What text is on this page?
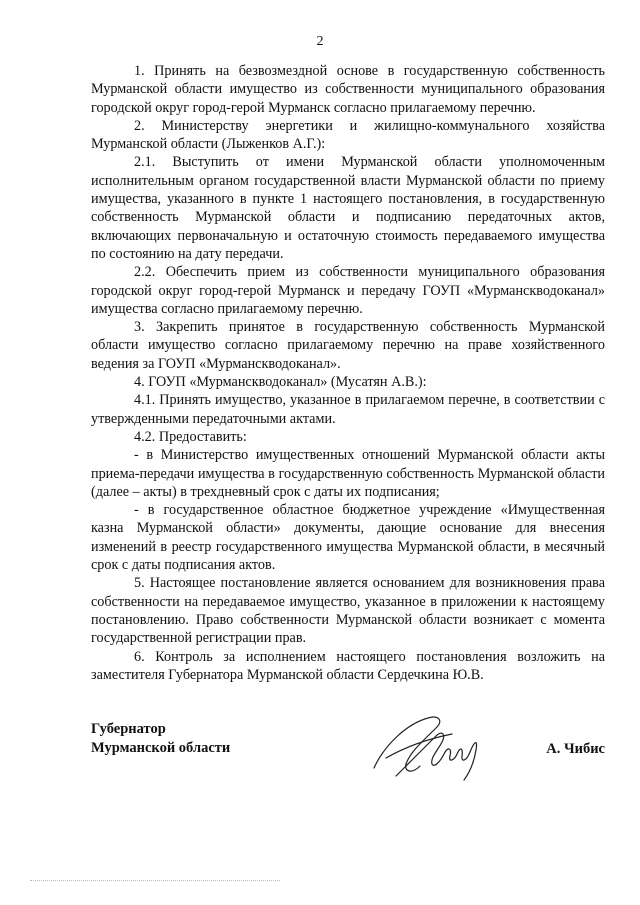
2

1. Принять на безвозмездной основе в государственную собственность Мурманской области имущество из собственности муниципального образования городской округ город-герой Мурманск согласно прилагаемому перечню.

2. Министерству энергетики и жилищно-коммунального хозяйства Мурманской области (Лыженков А.Г.):

2.1. Выступить от имени Мурманской области уполномоченным исполнительным органом государственной власти Мурманской области по приему имущества, указанного в пункте 1 настоящего постановления, в государственную собственность Мурманской области и подписанию передаточных актов, включающих первоначальную и остаточную стоимость передаваемого имущества по состоянию на дату передачи.

2.2. Обеспечить прием из собственности муниципального образования городской округ город-герой Мурманск и передачу ГОУП «Мурманскводоканал» имущества согласно прилагаемому перечню.

3. Закрепить принятое в государственную собственность Мурманской области имущество согласно прилагаемому перечню на праве хозяйственного ведения за ГОУП «Мурманскводоканал».

4. ГОУП «Мурманскводоканал» (Мусатян А.В.):

4.1. Принять имущество, указанное в прилагаемом перечне, в соответствии с утвержденными передаточными актами.

4.2. Предоставить:

- в Министерство имущественных отношений Мурманской области акты приема-передачи имущества в государственную собственность Мурманской области (далее – акты) в трехдневный срок с даты их подписания;

- в государственное областное бюджетное учреждение «Имущественная казна Мурманской области» документы, дающие основание для внесения изменений в реестр государственного имущества Мурманской области, в месячный срок с даты подписания актов.

5. Настоящее постановление является основанием для возникновения права собственности на передаваемое имущество, указанное в приложении к настоящему постановлению. Право собственности Мурманской области возникает с момента государственной регистрации прав.

6. Контроль за исполнением настоящего постановления возложить на заместителя Губернатора Мурманской области Сердечкина Ю.В.

Губернатор
Мурманской области	А. Чибис
